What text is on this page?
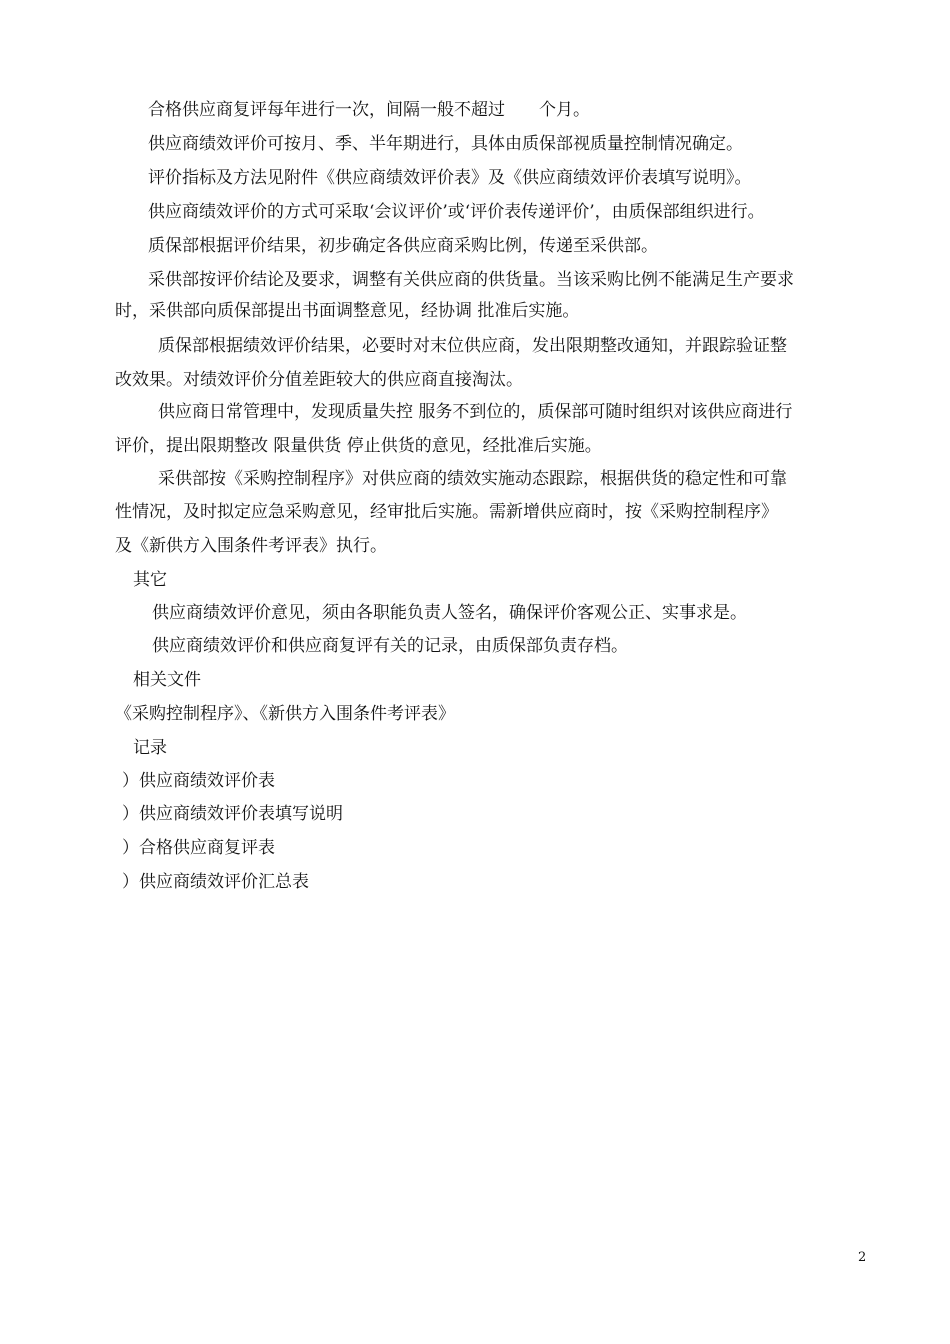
合格供应商复评每年进行一次，间隔一般不超过　　个月。
供应商绩效评价可按月、季、半年期进行，具体由质保部视质量控制情况确定。
评价指标及方法见附件《供应商绩效评价表》及《供应商绩效评价表填写说明》。
供应商绩效评价的方式可采取‘会议评价’或‘评价表传递评价’，由质保部组织进行。
质保部根据评价结果，初步确定各供应商采购比例，传递至采供部。
采供部按评价结论及要求，调整有关供应商的供货量。当该采购比例不能满足生产要求
时，采供部向质保部提出书面调整意见，经协调 批准后实施。
质保部根据绩效评价结果，必要时对末位供应商，发出限期整改通知，并跟踪验证整
改效果。对绩效评价分值差距较大的供应商直接淘汰。
供应商日常管理中，发现质量失控 服务不到位的，质保部可随时组织对该供应商进行
评价，提出限期整改 限量供货 停止供货的意见，经批准后实施。
采供部按《采购控制程序》对供应商的绩效实施动态跟踪，根据供货的稳定性和可靠
性情况，及时拟定应急采购意见，经审批后实施。需新增供应商时，按《采购控制程序》
及《新供方入围条件考评表》执行。
其它
供应商绩效评价意见，须由各职能负责人签名，确保评价客观公正、实事求是。
供应商绩效评价和供应商复评有关的记录，由质保部负责存档。
相关文件
《采购控制程序》、《新供方入围条件考评表》
记录
）供应商绩效评价表
）供应商绩效评价表填写说明
）合格供应商复评表
）供应商绩效评价汇总表
2
